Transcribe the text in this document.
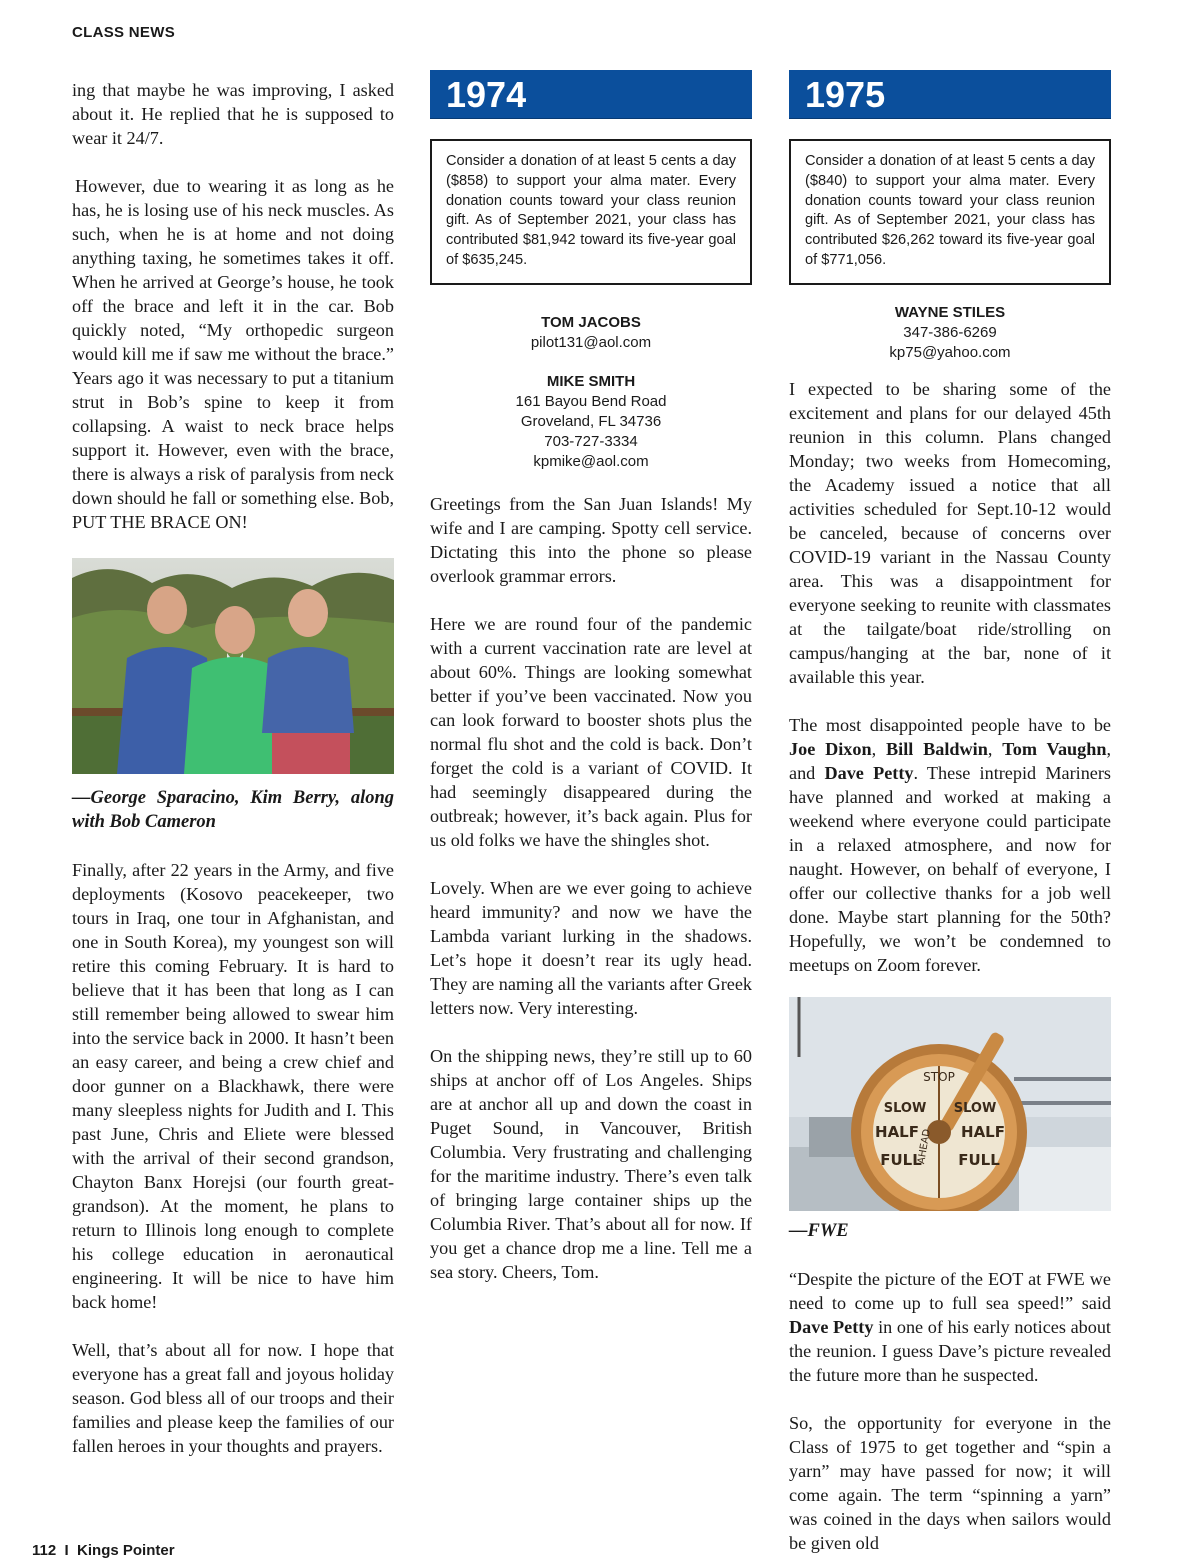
CLASS NEWS

ing that maybe he was improving, I asked about it. He replied that he is supposed to wear it 24/7.

However, due to wearing it as long as he has, he is losing use of his neck muscles. As such, when he is at home and not doing anything taxing, he sometimes takes it off. When he arrived at George’s house, he took off the brace and left it in the car. Bob quickly noted, “My orthopedic surgeon would kill me if saw me without the brace.” Years ago it was necessary to put a titanium strut in Bob’s spine to keep it from collapsing. A waist to neck brace helps support it. However, even with the brace, there is always a risk of paralysis from neck down should he fall or something else. Bob, PUT THE BRACE ON!

—George Sparacino, Kim Berry, along with Bob Cameron

Finally, after 22 years in the Army, and five deployments (Kosovo peacekeeper, two tours in Iraq, one tour in Afghanistan, and one in South Korea), my youngest son will retire this coming February. It is hard to believe that it has been that long as I can still remember being allowed to swear him into the service back in 2000. It hasn’t been an easy career, and being a crew chief and door gunner on a Blackhawk, there were many sleepless nights for Judith and I. This past June, Chris and Eliete were blessed with the arrival of their second grandson, Chayton Banx Horejsi (our fourth great-grandson). At the moment, he plans to return to Illinois long enough to complete his college education in aeronautical engineering. It will be nice to have him back home!

Well, that’s about all for now. I hope that everyone has a great fall and joyous holiday season. God bless all of our troops and their families and please keep the families of our fallen heroes in your thoughts and prayers.

1974
Consider a donation of at least 5 cents a day ($858) to support your alma mater. Every donation counts toward your class reunion gift. As of September 2021, your class has contributed $81,942 toward its five-year goal of $635,245.
TOM JACOBS
pilot131@aol.com
MIKE SMITH
161 Bayou Bend Road
Groveland, FL 34736
703-727-3334
kpmike@aol.com

Greetings from the San Juan Islands! My wife and I are camping. Spotty cell service. Dictating this into the phone so please overlook grammar errors.

Here we are round four of the pandemic with a current vaccination rate are level at about 60%. Things are looking somewhat better if you’ve been vaccinated. Now you can look forward to booster shots plus the normal flu shot and the cold is back. Don’t forget the cold is a variant of COVID. It had seemingly disappeared during the outbreak; however, it’s back again. Plus for us old folks we have the shingles shot.

Lovely. When are we ever going to achieve heard immunity? and now we have the Lambda variant lurking in the shadows. Let’s hope it doesn’t rear its ugly head. They are naming all the variants after Greek letters now. Very interesting.

On the shipping news, they’re still up to 60 ships at anchor off of Los Angeles. Ships are at anchor all up and down the coast in Puget Sound, in Vancouver, British Columbia. Very frustrating and challenging for the maritime industry. There’s even talk of bringing large container ships up the Columbia River. That’s about all for now. If you get a chance drop me a line. Tell me a sea story. Cheers, Tom.

1975
Consider a donation of at least 5 cents a day ($840) to support your alma mater. Every donation counts toward your class reunion gift. As of September 2021, your class has contributed $26,262 toward its five-year goal of $771,056.
WAYNE STILES
347-386-6269
kp75@yahoo.com

I expected to be sharing some of the excitement and plans for our delayed 45th reunion in this column. Plans changed Monday; two weeks from Homecoming, the Academy issued a notice that all activities scheduled for Sept.10-12 would be canceled, because of concerns over COVID-19 variant in the Nassau County area. This was a disappointment for everyone seeking to reunite with classmates at the tailgate/boat ride/strolling on campus/hanging at the bar, none of it available this year.

The most disappointed people have to be Joe Dixon, Bill Baldwin, Tom Vaughn, and Dave Petty. These intrepid Mariners have planned and worked at making a weekend where everyone could participate in a relaxed atmosphere, and now for naught. However, on behalf of everyone, I offer our collective thanks for a job well done. Maybe start planning for the 50th? Hopefully, we won’t be condemned to meetups on Zoom forever.

STOP
SLOW
HALF
FULL
AHEAD
SLOW
HALF
FULL
—FWE

“Despite the picture of the EOT at FWE we need to come up to full sea speed!” said Dave Petty in one of his early notices about the reunion. I guess Dave’s picture revealed the future more than he suspected.

So, the opportunity for everyone in the Class of 1975 to get together and “spin a yarn” may have passed for now; it will come again. The term “spinning a yarn” was coined in the days when sailors would be given old

112  I  Kings Pointer
